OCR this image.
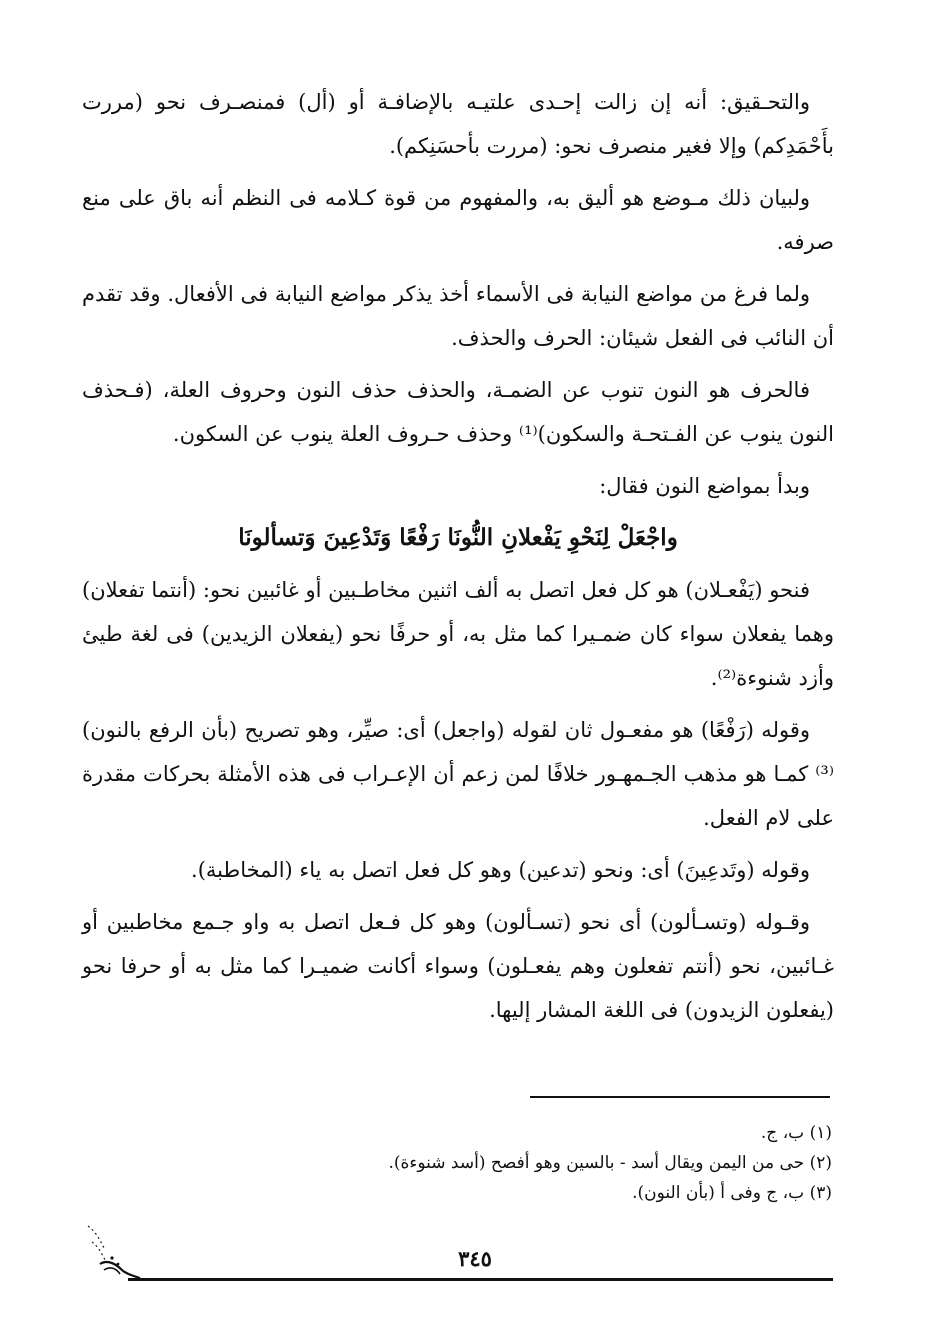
والتحـقيق: أنه إن زالت إحـدى علتيـه بالإضافـة أو (أل) فمنصـرف نحو (مررت بأَحْمَدِكم) وإلا فغير منصرف نحو: (مررت بأحسَنِكم).

ولبيان ذلك مـوضع هو أليق به، والمفهوم من قوة كـلامه فى النظم أنه باق على منع صرفه.

ولما فرغ من مواضع النيابة فى الأسماء أخذ يذكر مواضع النيابة فى الأفعال. وقد تقدم أن النائب فى الفعل شيئان: الحرف والحذف.

فالحرف هو النون تنوب عن الضمـة، والحذف حذف النون وحروف العلة، (فـحذف النون ينوب عن الفـتحـة والسكون)⁽¹⁾ وحذف حـروف العلة ينوب عن السكون.

وبدأ بمواضع النون فقال:

واجْعَلْ لِنَحْوِ يَفْعلانِ النُّونَا رَفْعًا وَتَدْعِينَ وَتسألونَا

فنحو (يَفْعـلان) هو كل فعل اتصل به ألف اثنين مخاطـبين أو غائبين نحو: (أنتما تفعلان) وهما يفعلان سواء كان ضمـيرا كما مثل به، أو حرفًا نحو (يفعلان الزيدين) فى لغة طيئ وأزد شنوءة⁽²⁾.

وقوله (رَفْعًا) هو مفعـول ثان لقوله (واجعل) أى: صيِّر، وهو تصريح (بأن الرفع بالنون)⁽³⁾ كمـا هو مذهب الجـمهـور خلافًا لمن زعم أن الإعـراب فى هذه الأمثلة بحركات مقدرة على لام الفعل.

وقوله (وتَدعِينَ) أى: ونحو (تدعين) وهو كل فعل اتصل به ياء (المخاطبة).

وقـوله (وتسـألون) أى نحو (تسـألون) وهو كل فـعل اتصل به واو جـمع مخاطبين أو غـائبين، نحو (أنتم تفعلون وهم يفعـلون) وسواء أكانت ضميـرا كما مثل به أو حرفا نحو (يفعلون الزيدون) فى اللغة المشار إليها.

(١) ب، ج.

(٢) حى من اليمن ويقال أسد - بالسين وهو أفصح (أسد شنوءة).

(٣) ب، ج وفى أ (بأن النون).

٣٤٥
